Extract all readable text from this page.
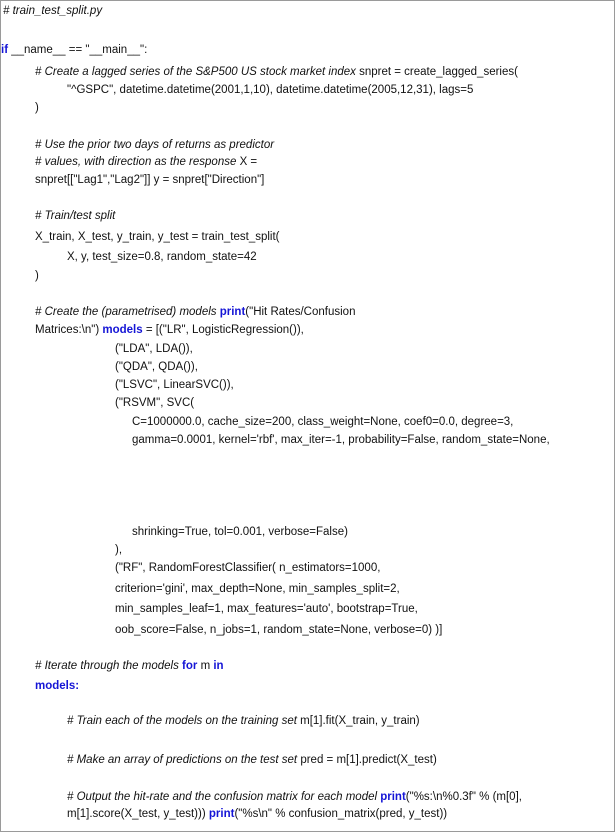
# train_test_split.py
if __name__ == "__main__":
# Create a lagged series of the S&P500 US stock market index snpret = create_lagged_series(
"^GSPC", datetime.datetime(2001,1,10), datetime.datetime(2005,12,31), lags=5
)
# Use the prior two days of returns as predictor
# values, with direction as the response X =
snpret[["Lag1","Lag2"]] y = snpret["Direction"]
# Train/test split
X_train, X_test, y_train, y_test = train_test_split(
X, y, test_size=0.8, random_state=42
)
# Create the (parametrised) models print("Hit Rates/Confusion
Matrices:\n") models = [("LR", LogisticRegression()),
("LDA", LDA()),
("QDA", QDA()),
("LSVC", LinearSVC()),
("RSVM", SVC(
C=1000000.0, cache_size=200, class_weight=None, coef0=0.0, degree=3,
gamma=0.0001, kernel='rbf', max_iter=-1, probability=False, random_state=None,
shrinking=True, tol=0.001, verbose=False)
),
("RF", RandomForestClassifier( n_estimators=1000,
criterion='gini', max_depth=None, min_samples_split=2,
min_samples_leaf=1, max_features='auto', bootstrap=True,
oob_score=False, n_jobs=1, random_state=None, verbose=0) )]
# Iterate through the models for m in
models:
# Train each of the models on the training set m[1].fit(X_train, y_train)
# Make an array of predictions on the test set pred = m[1].predict(X_test)
# Output the hit-rate and the confusion matrix for each model print("%s:\n%0.3f" % (m[0],
m[1].score(X_test, y_test))) print("%s\n" % confusion_matrix(pred, y_test))
